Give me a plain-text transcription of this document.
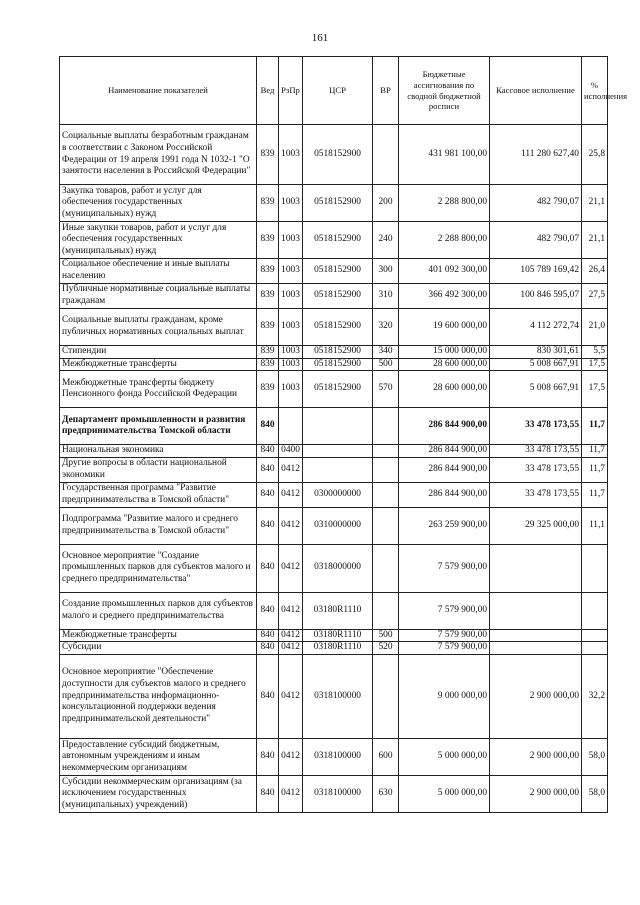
161
Наименование показателей	Вед	РзПр	ЦСР	ВР	Бюджетные ассигнования по сводной бюджетной росписи	Кассовое исполнение	% исполнения
Социальные выплаты безработным гражданам в соответствии с Законом Российской Федерации от 19 апреля 1991 года N 1032-1 "О занятости населения в Российской Федерации"	839	1003	0518152900		431 981 100,00	111 280 627,40	25,8
Закупка товаров, работ и услуг для обеспечения государственных (муниципальных) нужд	839	1003	0518152900	200	2 288 800,00	482 790,07	21,1
Иные закупки товаров, работ и услуг для обеспечения государственных (муниципальных) нужд	839	1003	0518152900	240	2 288 800,00	482 790,07	21,1
Социальное обеспечение и иные выплаты населению	839	1003	0518152900	300	401 092 300,00	105 789 169,42	26,4
Публичные нормативные социальные выплаты гражданам	839	1003	0518152900	310	366 492 300,00	100 846 595,07	27,5
Социальные выплаты гражданам, кроме публичных нормативных социальных выплат	839	1003	0518152900	320	19 600 000,00	4 112 272,74	21,0
Стипендии	839	1003	0518152900	340	15 000 000,00	830 301,61	5,5
Межбюджетные трансферты	839	1003	0518152900	500	28 600 000,00	5 008 667,91	17,5
Межбюджетные трансферты бюджету Пенсионного фонда Российской Федерации	839	1003	0518152900	570	28 600 000,00	5 008 667,91	17,5
Департамент промышленности и развития предпринимательства Томской области	840				286 844 900,00	33 478 173,55	11,7
Национальная экономика	840	0400			286 844 900,00	33 478 173,55	11,7
Другие вопросы в области национальной экономики	840	0412			286 844 900,00	33 478 173,55	11,7
Государственная программа "Развитие предпринимательства в Томской области"	840	0412	0300000000		286 844 900,00	33 478 173,55	11,7
Подпрограмма "Развитие малого и среднего предпринимательства в Томской области"	840	0412	0310000000		263 259 900,00	29 325 000,00	11,1
Основное мероприятие "Создание промышленных парков для субъектов малого и среднего предпринимательства"	840	0412	0318000000		7 579 900,00		
Создание промышленных парков для субъектов малого и среднего предпринимательства	840	0412	03180R1110		7 579 900,00		
Межбюджетные трансферты	840	0412	03180R1110	500	7 579 900,00		
Субсидии	840	0412	03180R1110	520	7 579 900,00		
Основное мероприятие "Обеспечение доступности для субъектов малого и среднего предпринимательства информационно-консультационной поддержки ведения предпринимательской деятельности"	840	0412	0318100000		9 000 000,00	2 900 000,00	32,2
Предоставление субсидий бюджетным, автономным учреждениям и иным некоммерческим организациям	840	0412	0318100000	600	5 000 000,00	2 900 000,00	58,0
Субсидии некоммерческим организациям (за исключением государственных (муниципальных) учреждений)	840	0412	0318100000	630	5 000 000,00	2 900 000,00	58,0
